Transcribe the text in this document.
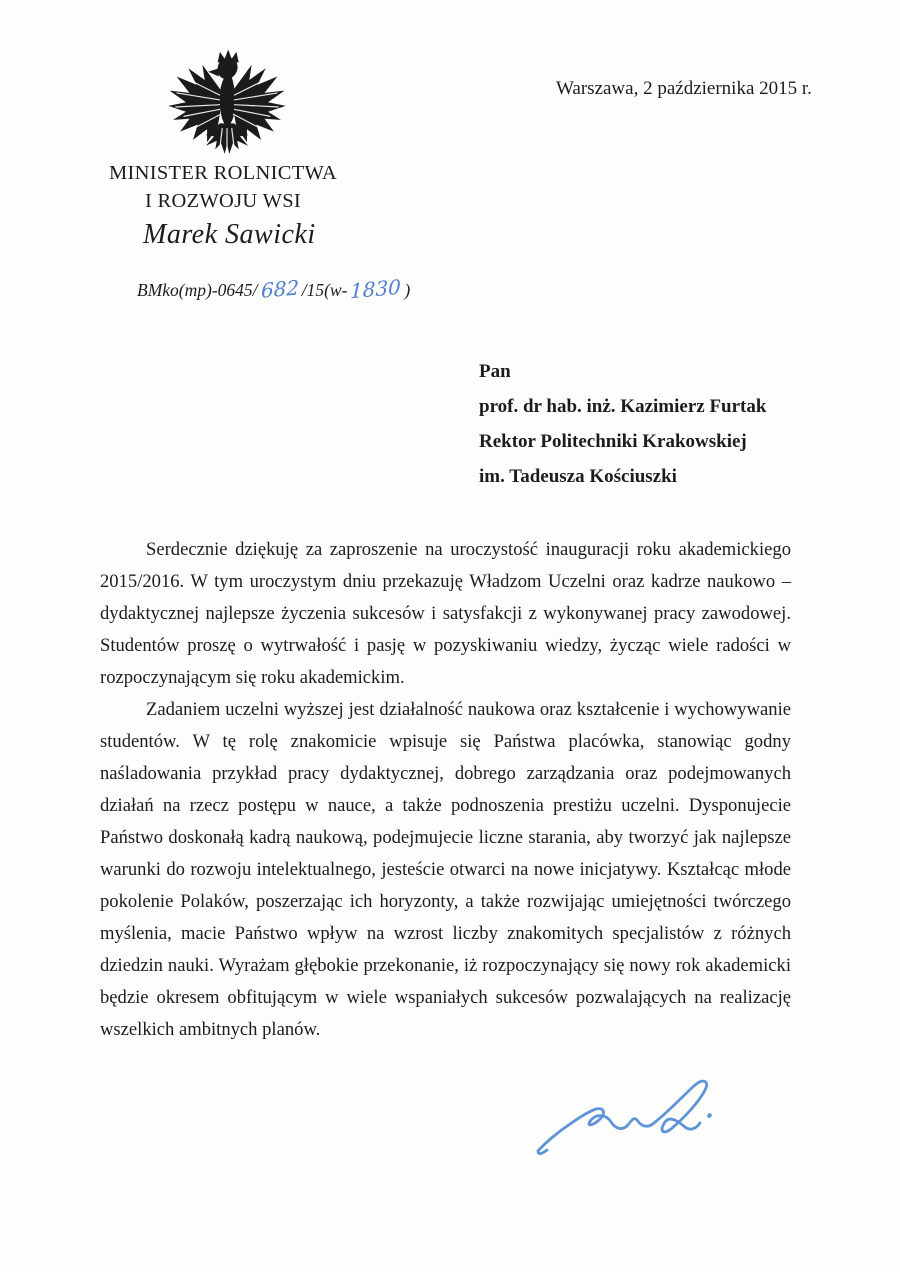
Warszawa, 2 października 2015 r.
MINISTER ROLNICTWA
I ROZWOJU WSI
Marek Sawicki
BMko(mp)-0645/ 682 /15(w- 1830 )
Pan
prof. dr hab. inż. Kazimierz Furtak
Rektor Politechniki Krakowskiej
im. Tadeusza Kościuszki

Serdecznie dziękuję za zaproszenie na uroczystość inauguracji roku akademickiego 2015/2016. W tym uroczystym dniu przekazuję Władzom Uczelni oraz kadrze naukowo – dydaktycznej najlepsze życzenia sukcesów i satysfakcji z wykonywanej pracy zawodowej. Studentów proszę o wytrwałość i pasję w pozyskiwaniu wiedzy, życząc wiele radości w rozpoczynającym się roku akademickim.

Zadaniem uczelni wyższej jest działalność naukowa oraz kształcenie i wychowywanie studentów. W tę rolę znakomicie wpisuje się Państwa placówka, stanowiąc godny naśladowania przykład pracy dydaktycznej, dobrego zarządzania oraz podejmowanych działań na rzecz postępu w nauce, a także podnoszenia prestiżu uczelni. Dysponujecie Państwo doskonałą kadrą naukową, podejmujecie liczne starania, aby tworzyć jak najlepsze warunki do rozwoju intelektualnego, jesteście otwarci na nowe inicjatywy. Kształcąc młode pokolenie Polaków, poszerzając ich horyzonty, a także rozwijając umiejętności twórczego myślenia, macie Państwo wpływ na wzrost liczby znakomitych specjalistów z różnych dziedzin nauki. Wyrażam głębokie przekonanie, iż rozpoczynający się nowy rok akademicki będzie okresem obfitującym w wiele wspaniałych sukcesów pozwalających na realizację wszelkich ambitnych planów.
